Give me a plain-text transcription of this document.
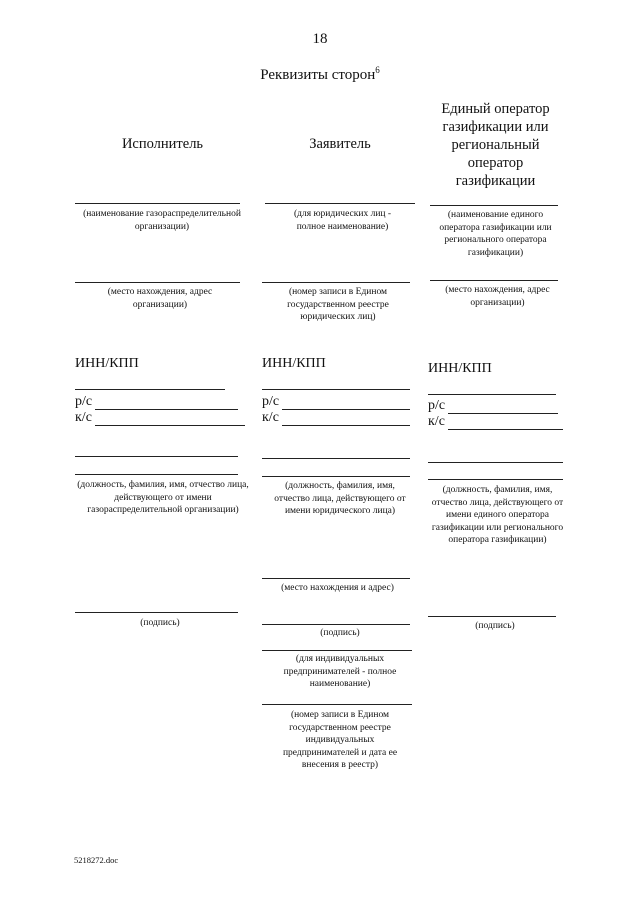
18
Реквизиты сторон$^6$
Исполнитель
(наименование газораспределительной организации)
(место нахождения, адрес организации)
ИНН/КПП
р/с
к/с
(должность, фамилия, имя, отчество лица, действующего от имени газораспределительной организации)
(подпись)
Заявитель
(для юридических лиц - полное наименование)
(номер записи в Едином государственном реестре юридических лиц)
ИНН/КПП
р/с
к/с
(должность, фамилия, имя, отчество лица, действующего от имени юридического лица)
(место нахождения и адрес)
(подпись)
(для индивидуальных предпринимателей - полное наименование)
(номер записи в Едином государственном реестре индивидуальных предпринимателей и дата ее внесения в реестр)
Единый оператор газификации или региональный оператор газификации
(наименование единого оператора газификации или регионального оператора газификации)
(место нахождения, адрес организации)
ИНН/КПП
р/с
к/с
(должность, фамилия, имя, отчество лица, действующего от имени единого оператора газификации или регионального оператора газификации)
(подпись)
5218272.doc
